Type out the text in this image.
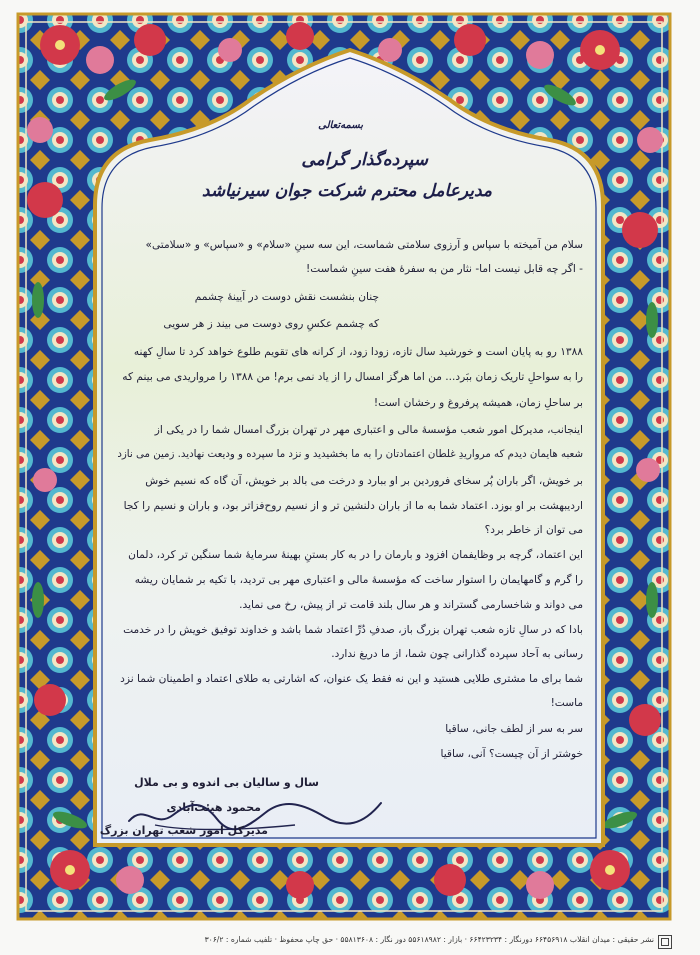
بسمه‌تعالی
سپرده‌گذار گرامی
مدیرعامل محترم شرکت جوان سیرنیاشد
سلام من آمیخته با سپاس و آرزوی سلامتی شماست، این سه سینِ «سلام» و «سپاس» و «سلامتی»
- اگر چه قابل نیست اما- نثار من به سفرهٔ هفت سینِ شماست!
چنان بنشست نقش دوست در آیینهٔ چشمم
که چشمم عکسِ روی دوست می بیند ز هر سویی
۱۳۸۸ رو به پایان است و خورشید سال تازه، زودا زود، از کرانه های تقویم طلوع خواهد کرد تا سالِ کهنه
را به سواحلِ تاریک زمان ببَرد... من اما هرگز امسال را از یاد نمی برم! من ۱۳۸۸ را مرواریدی می بینم که
بر ساحلِ زمان، همیشه پرفروغ و رخشان است!
اینجانب، مدیرکل امور شعب مؤسسهٔ مالی و اعتباری مهر در تهران بزرگ امسال شما را در یکی از
شعبه هایمان دیدم که مرواریدِ غلطان اعتمادتان را به ما بخشیدید و نزد ما سپرده و ودیعت نهادید. زمین می نازد
بر خویش، اگر باران پُر سخای فروردین بر او ببارد و درخت می بالد بر خویش، آن گاه که نسیم خوش
اردیبهشت بر او بوزد. اعتماد شما به ما از باران دلنشین تر و از نسیم روح‌فزاتر بود، و باران و نسیم را کجا
می توان از خاطر برد؟
این اعتماد، گرچه بر وظایفمان افزود و بارمان را در به کار بستنِ بهینهٔ سرمایهٔ شما سنگین تر کرد، دلمان
را گرم و گامهایمان را استوار ساخت که مؤسسهٔ مالی و اعتباری مهر بی تردید، با تکیه بر شمایان ریشه
می دواند و شاخسارمی گستراند و هر سال بلند قامت تر از پیش، رخ می نماید.
بادا که در سالِ تازه شعب تهران بزرگ باز، صدفِ دُرِّ اعتماد شما باشد و خداوند توفیق خویش را در خدمت
رسانی به آحاد سپرده گذارانی چون شما، از ما دریغ ندارد.
شما برای ما مشتری طلایی هستید و این نه فقط یک عنوان، که اشارتی به طلای اعتماد و اطمینان شما نزد
ماست!
سر به سر از لطف جانی، ساقیا
خوشتر از آن چیست؟ آنی، ساقیا
سال و سالیان بی اندوه و بی ملال
محمود هیئت‌آبادی
مدیرکل امور شعب تهران بزرگ
نشر حقیقی : میدان انقلاب ۶۶۴۵۶۹۱۸ دورنگار : ۶۶۴۲۳۲۳۴ · بازار : ۵۵۶۱۸۹۸۲ دور نگار : ۵۵۸۱۳۶۰۸ · حق چاپ محفوظ · تلفیب شماره : ۳۰۶/۲
